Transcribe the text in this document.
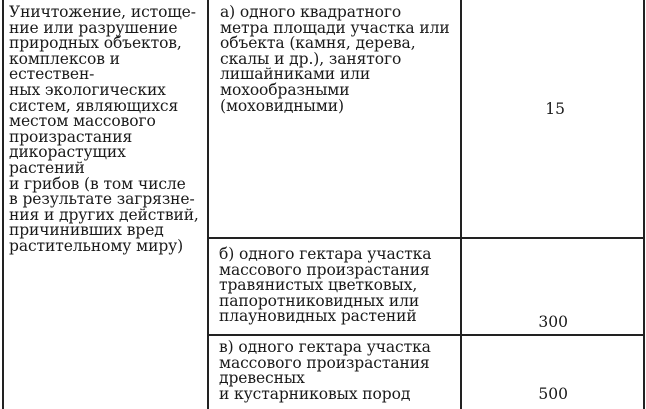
Уничтожение, истоще-
ние или разрушение
природных объектов,
комплексов и естествен-
ных экологических
систем, являющихся
местом массового
произрастания
дикорастущих растений
и грибов (в том числе
в результате загрязне-
ния и других действий,
причинивших вред
растительному миру)
а) одного квадратного
метра площади участка или
объекта (камня, дерева,
скалы и др.), занятого
лишайниками или
мохообразными
(моховидными)	15
б) одного гектара участка
массового произрастания
травянистых цветковых,
папоротниковидных или
плауновидных растений	300
в) одного гектара участка
массового произрастания
древесных
и кустарниковых пород	500
